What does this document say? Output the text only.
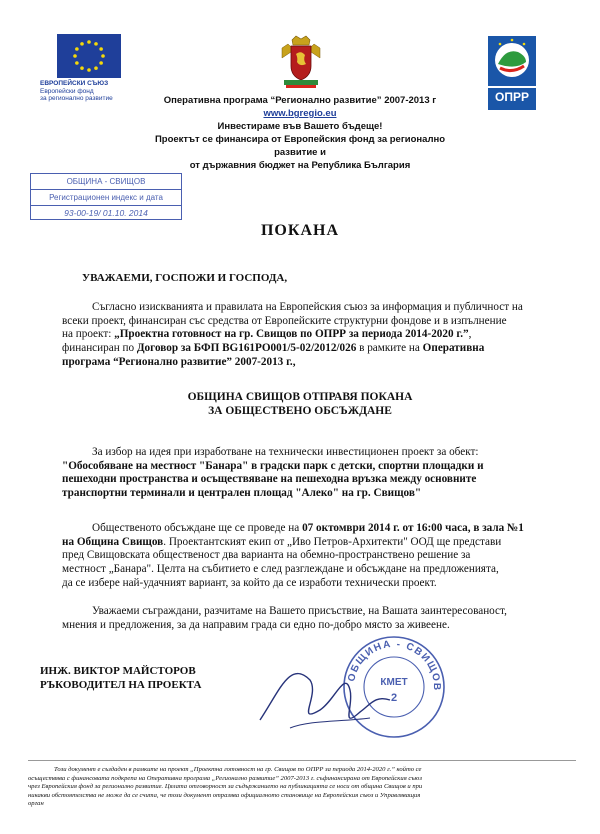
ЕВРОПЕЙСКИ СЪЮЗ
Европейски фонд
за регионално развитие	ОПРР
Оперативна програма “Регионално развитие” 2007-2013 г
www.bgregio.eu
Инвестираме във Вашето бъдеще!
Проектът се финансира от Европейския фонд за регионално
развитие и
от държавния бюджет на Република България
ОБЩИНА - СВИЩОВ
Регистрационен индекс и дата
93-00-19/ 01.10. 2014
ПОКАНА
УВАЖАЕМИ, ГОСПОЖИ И ГОСПОДА,
Съгласно изискванията и правилата на Европейския съюз за информация и публичност на
всеки проект, финансиран със средства от Европейските структурни фондове и в изпълнение
на проект: „Проектна готовност на гр. Свищов по ОПРР за периода 2014-2020 г.”,
финансиран по Договор за БФП BG161PO001/5-02/2012/026 в рамките на Оперативна
програма “Регионално развитие” 2007-2013 г.,
ОБЩИНА СВИЩОВ ОТПРАВЯ ПОКАНА
ЗА ОБЩЕСТВЕНО ОБСЪЖДАНЕ
За избор на идея при изработване на технически инвестиционен проект за обект:
"Обособяване на местност "Банара" в градски парк с детски, спортни площадки и
пешеходни пространства и осъществяване на пешеходна връзка между основните
транспортни терминали и централен площад "Алеко" на гр. Свищов"
Общественото обсъждане ще се проведе на 07 октомври 2014 г. от 16:00 часа, в зала №1
на Община Свищов. Проектантският екип от „Иво Петров-Архитекти" ООД ще представи
пред Свищовската общественост два варианта на обемно-пространствено решение за
местност „Банара". Целта на събитието е след разглеждане и обсъждане на предложенията,
да се избере най-удачният вариант, за който да се изработи технически проект.
Уважаеми съграждани, разчитаме на Вашето присъствие, на Вашата заинтересованост,
мнения и предложения, за да направим града си едно по-добро място за живеене.
ОБЩИНА - СВИЩОВ
КМЕТ
2
ИНЖ. ВИКТОР МАЙСТОРОВ
РЪКОВОДИТЕЛ НА ПРОЕКТА
Този документ е създаден в рамките на проект „Проектна готовност на гр. Свищов по ОПРР за периода 2014-2020 г.” който се
осъществява с финансовата подкрепа на Оперативна програма „Регионално развитие” 2007-2013 г. съфинансирана от Европейския съюз
чрез Европейския фонд за регионално развитие. Цялата отговорност за съдържанието на публикацията се носи от община Свищов и при
никакви обстоятелства не може да се счита, че този документ отразява официалното становище на Европейския съюз и Управляващия
орган
